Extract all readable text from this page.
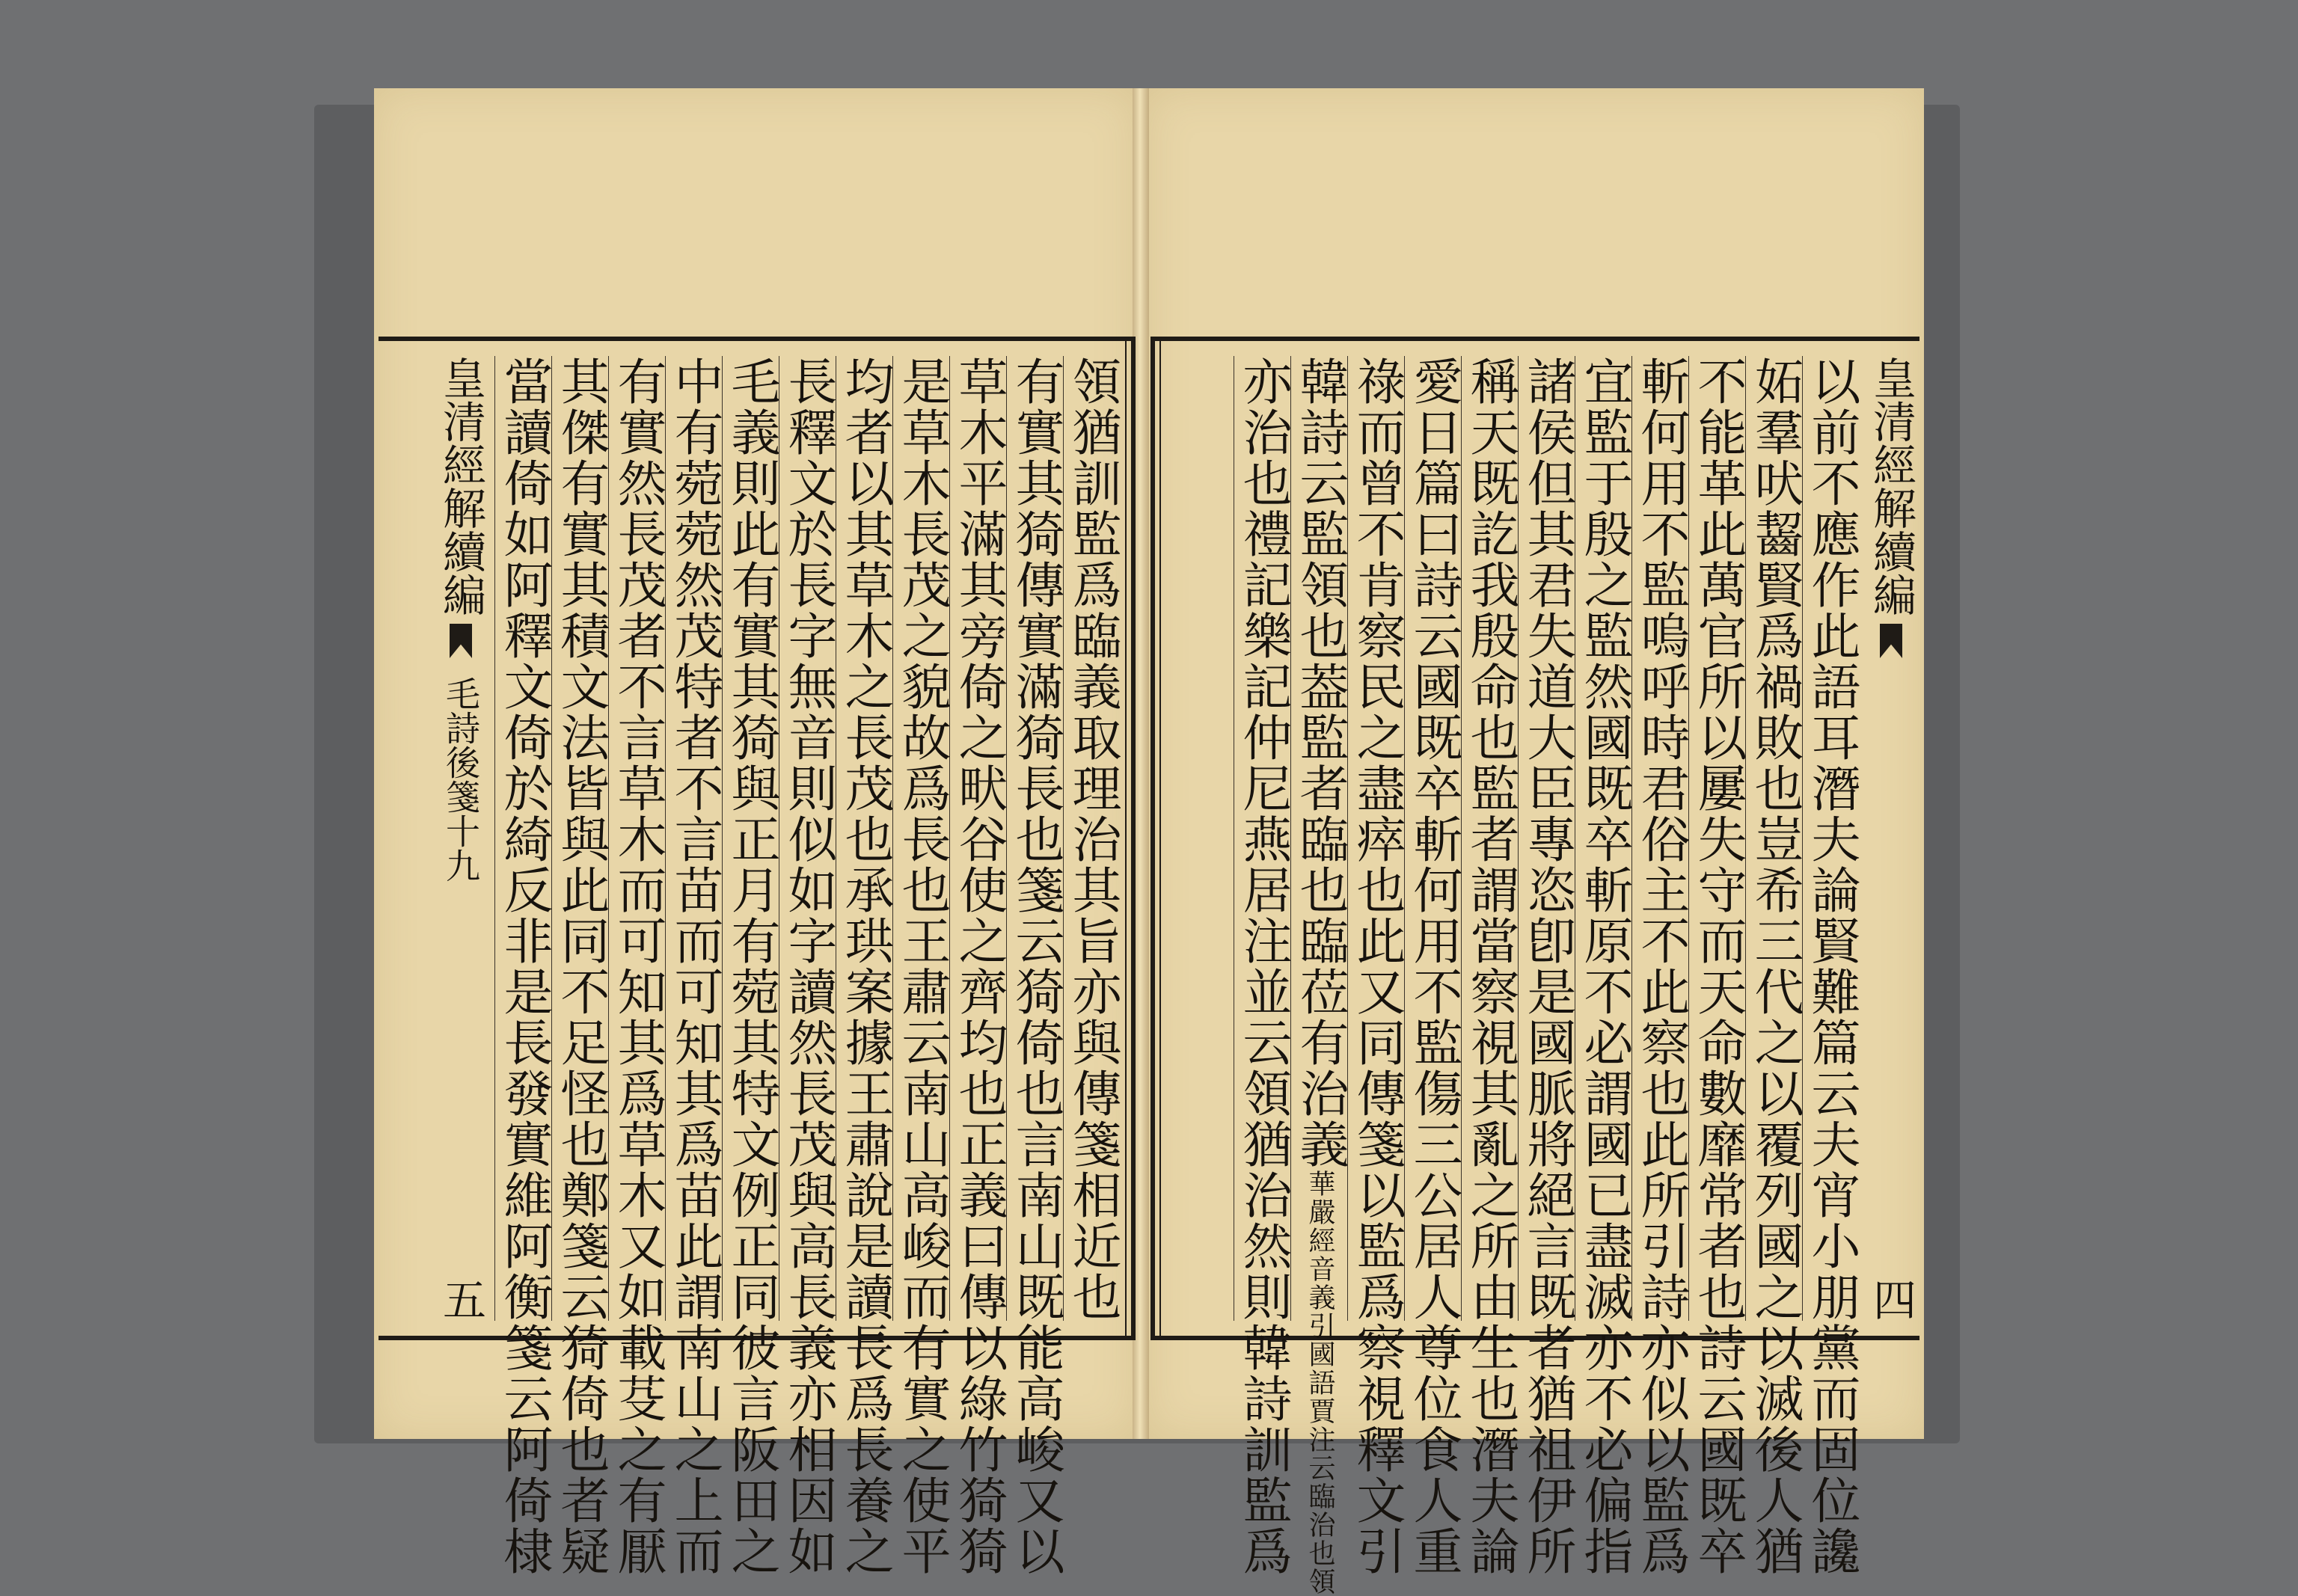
領猶訓監爲臨義取理治其旨亦與傳箋相近也
有實其猗傳實滿猗長也箋云猗倚也言南山既能高峻又以
草木平滿其旁倚之畎谷使之齊均也正義曰傳以綠竹猗猗
是草木長茂之貌故爲長也王肅云南山高峻而有實之使平
均者以其草木之長茂也承珙案據王肅說是讀長爲長養之
長釋文於長字無音則似如字讀然長茂與高長義亦相因如
毛義則此有實其猗與正月有菀其特文例正同彼言阪田之
中有菀菀然茂特者不言苗而可知其爲苗此謂南山之上而
有實然長茂者不言草木而可知其爲草木又如載芟之有厭
其傑有實其積文法皆與此同不足怪也鄭箋云猗倚也者疑
當讀倚如阿釋文倚於綺反非是長發實維阿衡箋云阿倚棣
皇清經解續編毛詩後箋十九
五
皇清經解續編
四
以前不應作此語耳潛夫論賢難篇云夫宵小朋黨而固位讒
妬羣吠齧賢爲禍敗也豈希三代之以覆列國之以滅後人猶
不能革此萬官所以屢失守而天命數靡常者也詩云國既卒
斬何用不監嗚呼時君俗主不此察也此所引詩亦似以監爲
宜監于殷之監然國既卒斬原不必謂國已盡滅亦不必偏指
諸侯但其君失道大臣專恣卽是國脈將絕言既者猶祖伊所
稱天既訖我殷命也監者謂當察視其亂之所由生也潛夫論
愛日篇曰詩云國既卒斬何用不監傷三公居人尊位食人重
祿而曾不肯察民之盡瘁也此又同傳箋以監爲察視釋文引
韓詩云監領也葢監者臨也臨莅有治義華嚴經音義引國語賈注云臨治也領
亦治也禮記樂記仲尼燕居注並云領猶治然則韓詩訓監爲
